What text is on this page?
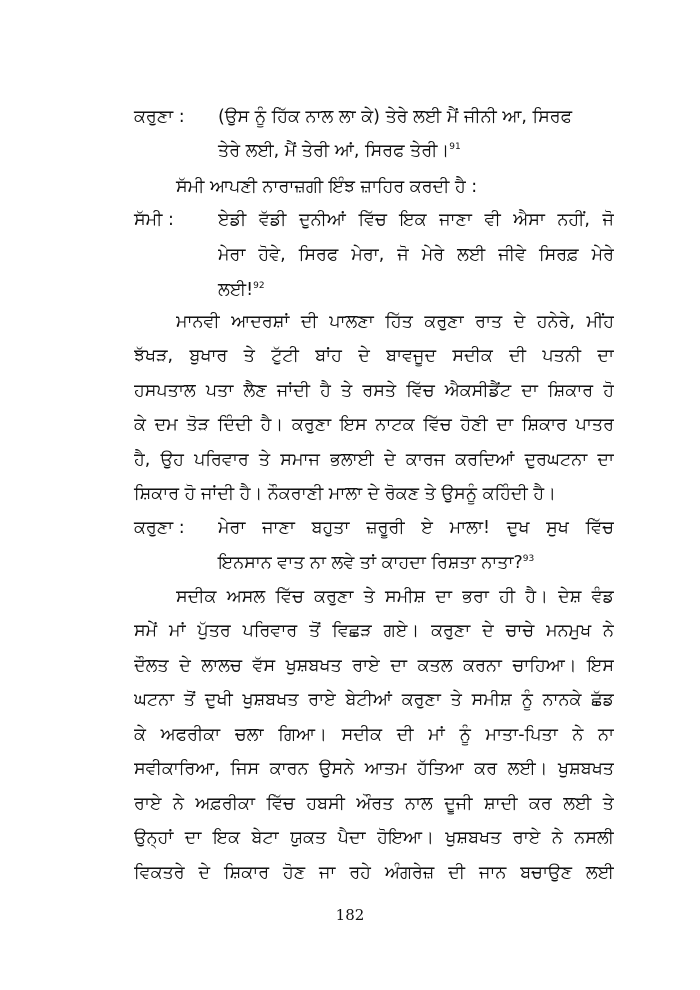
ਕਰੁਣਾ : (ਉਸ ਨੂੰ ਹਿੱਕ ਨਾਲ ਲਾ ਕੇ) ਤੇਰੇ ਲਈ ਮੈਂ ਜੀਨੀ ਆ, ਸਿਰਫ
ਤੇਰੇ ਲਈ, ਮੈਂ ਤੇਰੀ ਆਂ, ਸਿਰਫ ਤੇਰੀ।$^{91}$
ਸੱਮੀ ਆਪਣੀ ਨਾਰਾਜ਼ਗੀ ਇੰਝ ਜ਼ਾਹਿਰ ਕਰਦੀ ਹੈ :
ਸੱਮੀ :	ਏਡੀ ਵੱਡੀ ਦੁਨੀਆਂ ਵਿੱਚ ਇਕ ਜਾਣਾ ਵੀ ਐਸਾ ਨਹੀਂ, ਜੋ
ਮੇਰਾ ਹੋਵੇ, ਸਿਰਫ ਮੇਰਾ, ਜੋ ਮੇਰੇ ਲਈ ਜੀਵੇ ਸਿਰਫ਼ ਮੇਰੇ
ਲਈ!$^{92}$
ਮਾਨਵੀ ਆਦਰਸ਼ਾਂ ਦੀ ਪਾਲਣਾ ਹਿੱਤ ਕਰੁਣਾ ਰਾਤ ਦੇ ਹਨੇਰੇ, ਮੀਂਹ
ਝੱਖੜ, ਬੁਖਾਰ ਤੇ ਟੁੱਟੀ ਬਾਂਹ ਦੇ ਬਾਵਜੂਦ ਸਦੀਕ ਦੀ ਪਤਨੀ ਦਾ
ਹਸਪਤਾਲ ਪਤਾ ਲੈਣ ਜਾਂਦੀ ਹੈ ਤੇ ਰਸਤੇ ਵਿੱਚ ਐਕਸੀਡੈਂਟ ਦਾ ਸ਼ਿਕਾਰ ਹੋ
ਕੇ ਦਮ ਤੋੜ ਦਿੰਦੀ ਹੈ। ਕਰੁਣਾ ਇਸ ਨਾਟਕ ਵਿੱਚ ਹੋਣੀ ਦਾ ਸ਼ਿਕਾਰ ਪਾਤਰ
ਹੈ, ਉਹ ਪਰਿਵਾਰ ਤੇ ਸਮਾਜ ਭਲਾਈ ਦੇ ਕਾਰਜ ਕਰਦਿਆਂ ਦੁਰਘਟਨਾ ਦਾ
ਸ਼ਿਕਾਰ ਹੋ ਜਾਂਦੀ ਹੈ। ਨੌਕਰਾਣੀ ਮਾਲਾ ਦੇ ਰੋਕਣ ਤੇ ਉਸਨੂੰ ਕਹਿੰਦੀ ਹੈ।
ਕਰੁਣਾ : ਮੇਰਾ ਜਾਣਾ ਬਹੁਤਾ ਜ਼ਰੂਰੀ ਏ ਮਾਲਾ! ਦੁਖ ਸੁਖ ਵਿੱਚ
ਇਨਸਾਨ ਵਾਤ ਨਾ ਲਵੇ ਤਾਂ ਕਾਹਦਾ ਰਿਸ਼ਤਾ ਨਾਤਾ?$^{93}$
ਸਦੀਕ ਅਸਲ ਵਿੱਚ ਕਰੁਣਾ ਤੇ ਸਮੀਸ਼ ਦਾ ਭਰਾ ਹੀ ਹੈ। ਦੇਸ਼ ਵੰਡ
ਸਮੇਂ ਮਾਂ ਪੁੱਤਰ ਪਰਿਵਾਰ ਤੋਂ ਵਿਛੜ ਗਏ। ਕਰੁਣਾ ਦੇ ਚਾਚੇ ਮਨਮੁਖ ਨੇ
ਦੌਲਤ ਦੇ ਲਾਲਚ ਵੱਸ ਖੁਸ਼ਬਖਤ ਰਾਏ ਦਾ ਕਤਲ ਕਰਨਾ ਚਾਹਿਆ। ਇਸ
ਘਟਨਾ ਤੋਂ ਦੁਖੀ ਖੁਸ਼ਬਖਤ ਰਾਏ ਬੇਟੀਆਂ ਕਰੁਣਾ ਤੇ ਸਮੀਸ਼ ਨੂੰ ਨਾਨਕੇ ਛੱਡ
ਕੇ ਅਫਰੀਕਾ ਚਲਾ ਗਿਆ। ਸਦੀਕ ਦੀ ਮਾਂ ਨੂੰ ਮਾਤਾ-ਪਿਤਾ ਨੇ ਨਾ
ਸਵੀਕਾਰਿਆ, ਜਿਸ ਕਾਰਨ ਉਸਨੇ ਆਤਮ ਹੱਤਿਆ ਕਰ ਲਈ। ਖੁਸ਼ਬਖਤ
ਰਾਏ ਨੇ ਅਫ਼ਰੀਕਾ ਵਿੱਚ ਹਬਸੀ ਔਰਤ ਨਾਲ ਦੂਜੀ ਸ਼ਾਦੀ ਕਰ ਲਈ ਤੇ
ਉਨ੍ਹਾਂ ਦਾ ਇਕ ਬੇਟਾ ਯੁਕਤ ਪੈਦਾ ਹੋਇਆ। ਖੁਸ਼ਬਖਤ ਰਾਏ ਨੇ ਨਸਲੀ
ਵਿਕਤਰੇ ਦੇ ਸ਼ਿਕਾਰ ਹੋਣ ਜਾ ਰਹੇ ਅੰਗਰੇਜ਼ ਦੀ ਜਾਨ ਬਚਾਉਣ ਲਈ
182
